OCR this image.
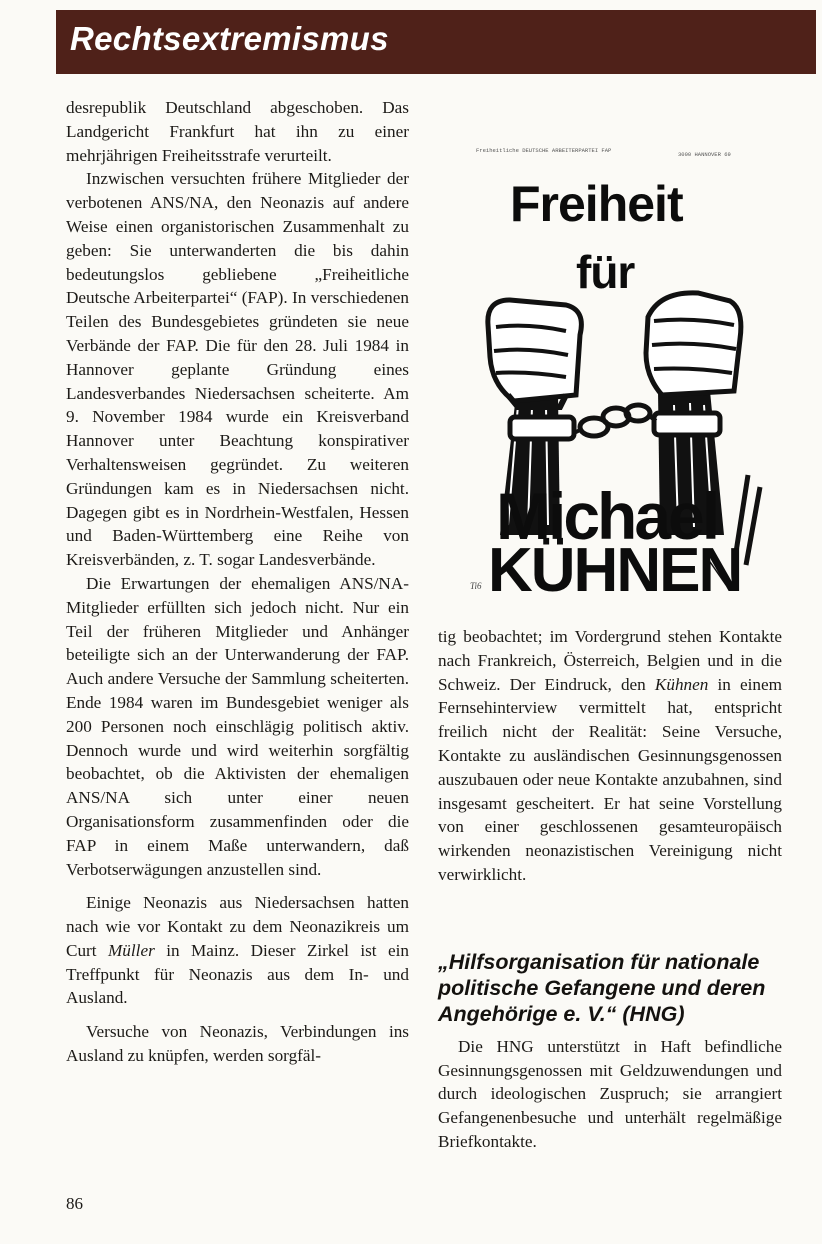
Rechtsextremismus

desrepublik Deutschland abgeschoben. Das Landgericht Frankfurt hat ihn zu einer mehrjährigen Freiheitsstrafe verurteilt.

Inzwischen versuchten frühere Mitglieder der verbotenen ANS/NA, den Neonazis auf andere Weise einen organistorischen Zusammenhalt zu geben: Sie unterwanderten die bis dahin bedeutungslos gebliebene „Freiheitliche Deutsche Arbeiterpartei“ (FAP). In verschiedenen Teilen des Bundesgebietes gründeten sie neue Verbände der FAP. Die für den 28. Juli 1984 in Hannover geplante Gründung eines Landesverbandes Niedersachsen scheiterte. Am 9. November 1984 wurde ein Kreisverband Hannover unter Beachtung konspirativer Verhaltensweisen gegründet. Zu weiteren Gründungen kam es in Niedersachsen nicht. Dagegen gibt es in Nordrhein-Westfalen, Hessen und Baden-Württemberg eine Reihe von Kreisverbänden, z. T. sogar Landesverbände.

Die Erwartungen der ehemaligen ANS/NA-Mitglieder erfüllten sich jedoch nicht. Nur ein Teil der früheren Mitglieder und Anhänger beteiligte sich an der Unterwanderung der FAP. Auch andere Versuche der Sammlung scheiterten. Ende 1984 waren im Bundesgebiet weniger als 200 Personen noch einschlägig politisch aktiv. Dennoch wurde und wird weiterhin sorgfältig beobachtet, ob die Aktivisten der ehemaligen ANS/NA sich unter einer neuen Organisationsform zusammenfinden oder die FAP in einem Maße unterwandern, daß Verbotserwägungen anzustellen sind.

Einige Neonazis aus Niedersachsen hatten nach wie vor Kontakt zu dem Neonazikreis um Curt Müller in Mainz. Dieser Zirkel ist ein Treffpunkt für Neonazis aus dem In- und Ausland.

Versuche von Neonazis, Verbindungen ins Ausland zu knüpfen, werden sorgfäl-

Freiheitliche DEUTSCHE ARBEITERPARTEI FAP
3000 HANNOVER 69
Freiheit
für
Michael
KÜHNEN
Ti6

tig beobachtet; im Vordergrund stehen Kontakte nach Frankreich, Österreich, Belgien und in die Schweiz. Der Eindruck, den Kühnen in einem Fernsehinterview vermittelt hat, entspricht freilich nicht der Realität: Seine Versuche, Kontakte zu ausländischen Gesinnungsgenossen auszubauen oder neue Kontakte anzubahnen, sind insgesamt gescheitert. Er hat seine Vorstellung von einer geschlossenen gesamteuropäisch wirkenden neonazistischen Vereinigung nicht verwirklicht.

„Hilfsorganisation für nationale politische Gefangene und deren Angehörige e. V.“ (HNG)

Die HNG unterstützt in Haft befindliche Gesinnungsgenossen mit Geldzuwendungen und durch ideologischen Zuspruch; sie arrangiert Gefangenenbesuche und unterhält regelmäßige Briefkontakte.

86
